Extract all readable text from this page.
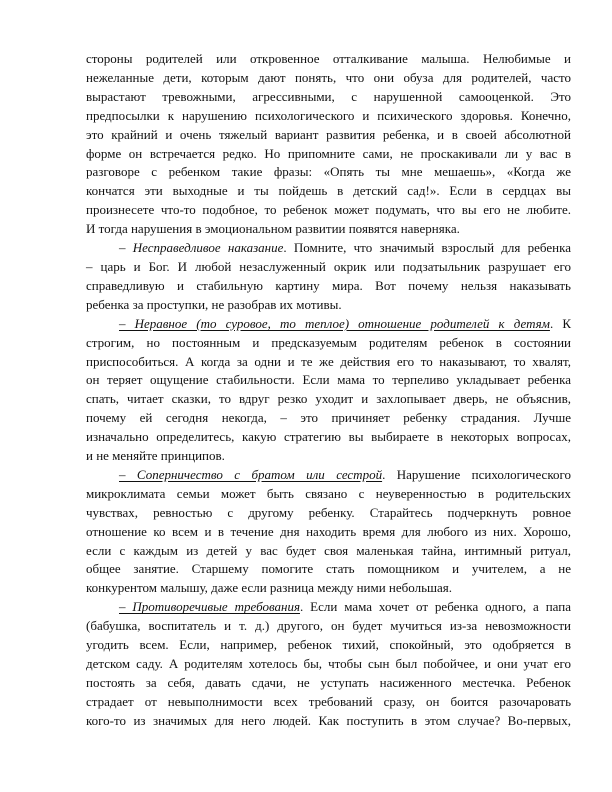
стороны родителей или откровенное отталкивание малыша. Нелюбимые и
нежеланные дети, которым дают понять, что они обуза для родителей, часто
вырастают тревожными, агрессивными, с нарушенной самооценкой. Это
предпосылки к нарушению психологического и психического здоровья. Конечно,
это крайний и очень тяжелый вариант развития ребенка, и в своей абсолютной
форме он встречается редко. Но припомните сами, не проскакивали ли у вас в
разговоре с ребенком такие фразы: «Опять ты мне мешаешь», «Когда же
кончатся эти выходные и ты пойдешь в детский сад!». Если в сердцах вы
произнесете что-то подобное, то ребенок может подумать, что вы его не любите.
И тогда нарушения в эмоциональном развитии появятся наверняка.
– Несправедливое наказание. Помните, что значимый взрослый для ребенка
– царь и Бог. И любой незаслуженный окрик или подзатыльник разрушает его
справедливую и стабильную картину мира. Вот почему нельзя наказывать
ребенка за проступки, не разобрав их мотивы.
– Неравное (то суровое, то теплое) отношение родителей к детям. К
строгим, но постоянным и предсказуемым родителям ребенок в состоянии
приспособиться. А когда за одни и те же действия его то наказывают, то хвалят,
он теряет ощущение стабильности. Если мама то терпеливо укладывает ребенка
спать, читает сказки, то вдруг резко уходит и захлопывает дверь, не объяснив,
почему ей сегодня некогда, – это причиняет ребенку страдания. Лучше
изначально определитесь, какую стратегию вы выбираете в некоторых вопросах,
и не меняйте принципов.
– Соперничество с братом или сестрой. Нарушение психологического
микроклимата семьи может быть связано с неуверенностью в родительских
чувствах, ревностью с другому ребенку. Старайтесь подчеркнуть ровное
отношение ко всем и в течение дня находить время для любого из них. Хорошо,
если с каждым из детей у вас будет своя маленькая тайна, интимный ритуал,
общее занятие. Старшему помогите стать помощником и учителем, а не
конкурентом малышу, даже если разница между ними небольшая.
– Противоречивые требования. Если мама хочет от ребенка одного, а папа
(бабушка, воспитатель и т. д.) другого, он будет мучиться из-за невозможности
угодить всем. Если, например, ребенок тихий, спокойный, это одобряется в
детском саду. А родителям хотелось бы, чтобы сын был побойчее, и они учат его
постоять за себя, давать сдачи, не уступать насиженного местечка. Ребенок
страдает от невыполнимости всех требований сразу, он боится разочаровать
кого-то из значимых для него людей. Как поступить в этом случае? Во-первых,
